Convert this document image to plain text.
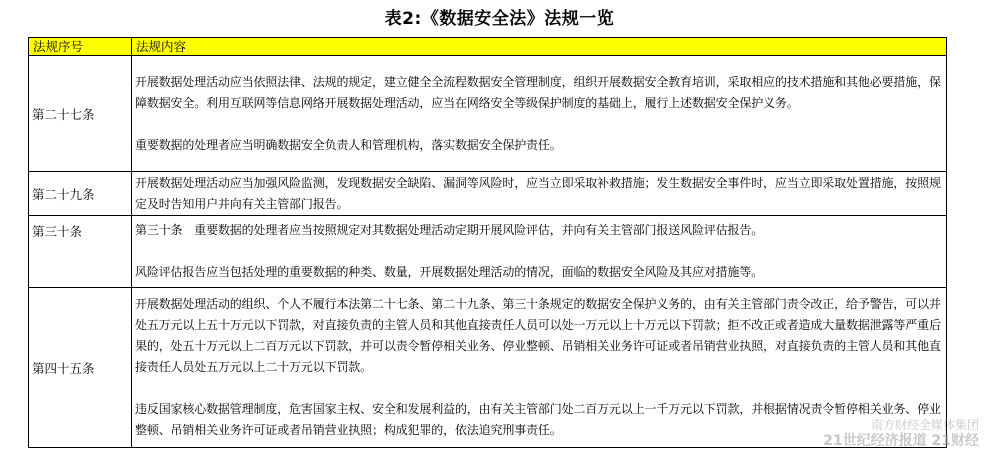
表2:《数据安全法》法规一览
法规序号	法规内容
第二十七条	开展数据处理活动应当依照法律、法规的规定，建立健全全流程数据安全管理制度，组织开展数据安全教育培训，采取相应的技术措施和其他必要措施，保障数据安全。利用互联网等信息网络开展数据处理活动，应当在网络安全等级保护制度的基础上，履行上述数据安全保护义务。
重要数据的处理者应当明确数据安全负责人和管理机构，落实数据安全保护责任。

第二十九条	开展数据处理活动应当加强风险监测，发现数据安全缺陷、漏洞等风险时，应当立即采取补救措施；发生数据安全事件时，应当立即采取处置措施，按照规定及时告知用户并向有关主管部门报告。

第三十条	第三十条　重要数据的处理者应当按照规定对其数据处理活动定期开展风险评估，并向有关主管部门报送风险评估报告。
风险评估报告应当包括处理的重要数据的种类、数量，开展数据处理活动的情况，面临的数据安全风险及其应对措施等。

第四十五条	开展数据处理活动的组织、个人不履行本法第二十七条、第二十九条、第三十条规定的数据安全保护义务的，由有关主管部门责令改正，给予警告，可以并处五万元以上五十万元以下罚款，对直接负责的主管人员和其他直接责任人员可以处一万元以上十万元以下罚款；拒不改正或者造成大量数据泄露等严重后果的，处五十万元以上二百万元以下罚款，并可以责令暂停相关业务、停业整顿、吊销相关业务许可证或者吊销营业执照，对直接负责的主管人员和其他直接责任人员处五万元以上二十万元以下罚款。
违反国家核心数据管理制度，危害国家主权、安全和发展利益的，由有关主管部门处二百万元以上一千万元以下罚款，并根据情况责令暂停相关业务、停业整顿、吊销相关业务许可证或者吊销营业执照；构成犯罪的，依法追究刑事责任。	南方财经全媒体集团
21世纪经济报道 21财经
